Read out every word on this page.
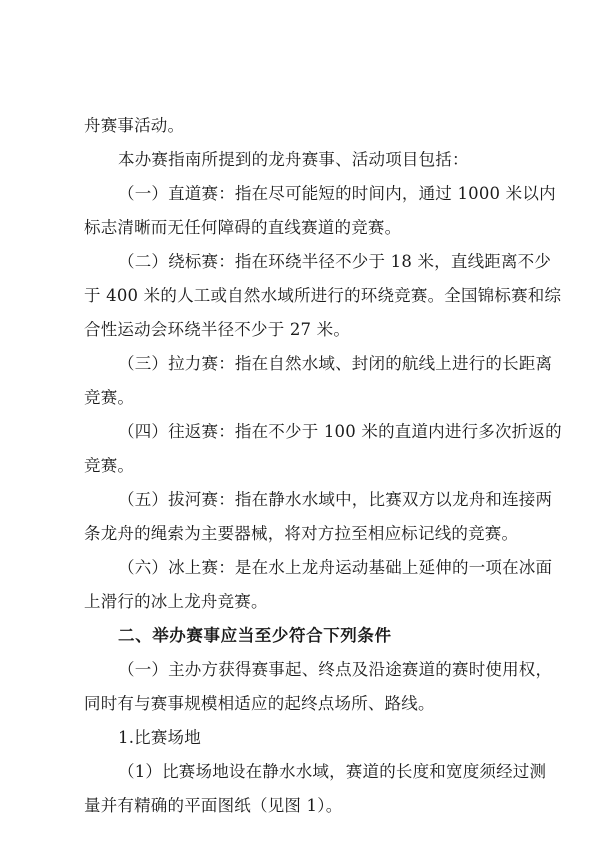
舟赛事活动。
本办赛指南所提到的龙舟赛事、活动项目包括：
（一）直道赛：指在尽可能短的时间内，通过 1000 米以内
标志清晰而无任何障碍的直线赛道的竞赛。
（二）绕标赛：指在环绕半径不少于 18 米，直线距离不少
于 400 米的人工或自然水域所进行的环绕竞赛。全国锦标赛和综
合性运动会环绕半径不少于 27 米。
（三）拉力赛：指在自然水域、封闭的航线上进行的长距离
竞赛。
（四）往返赛：指在不少于 100 米的直道内进行多次折返的
竞赛。
（五）拔河赛：指在静水水域中，比赛双方以龙舟和连接两
条龙舟的绳索为主要器械，将对方拉至相应标记线的竞赛。
（六）冰上赛：是在水上龙舟运动基础上延伸的一项在冰面
上滑行的冰上龙舟竞赛。
二、举办赛事应当至少符合下列条件
（一）主办方获得赛事起、终点及沿途赛道的赛时使用权，
同时有与赛事规模相适应的起终点场所、路线。
1.比赛场地
（1）比赛场地设在静水水域，赛道的长度和宽度须经过测
量并有精确的平面图纸（见图 1）。
